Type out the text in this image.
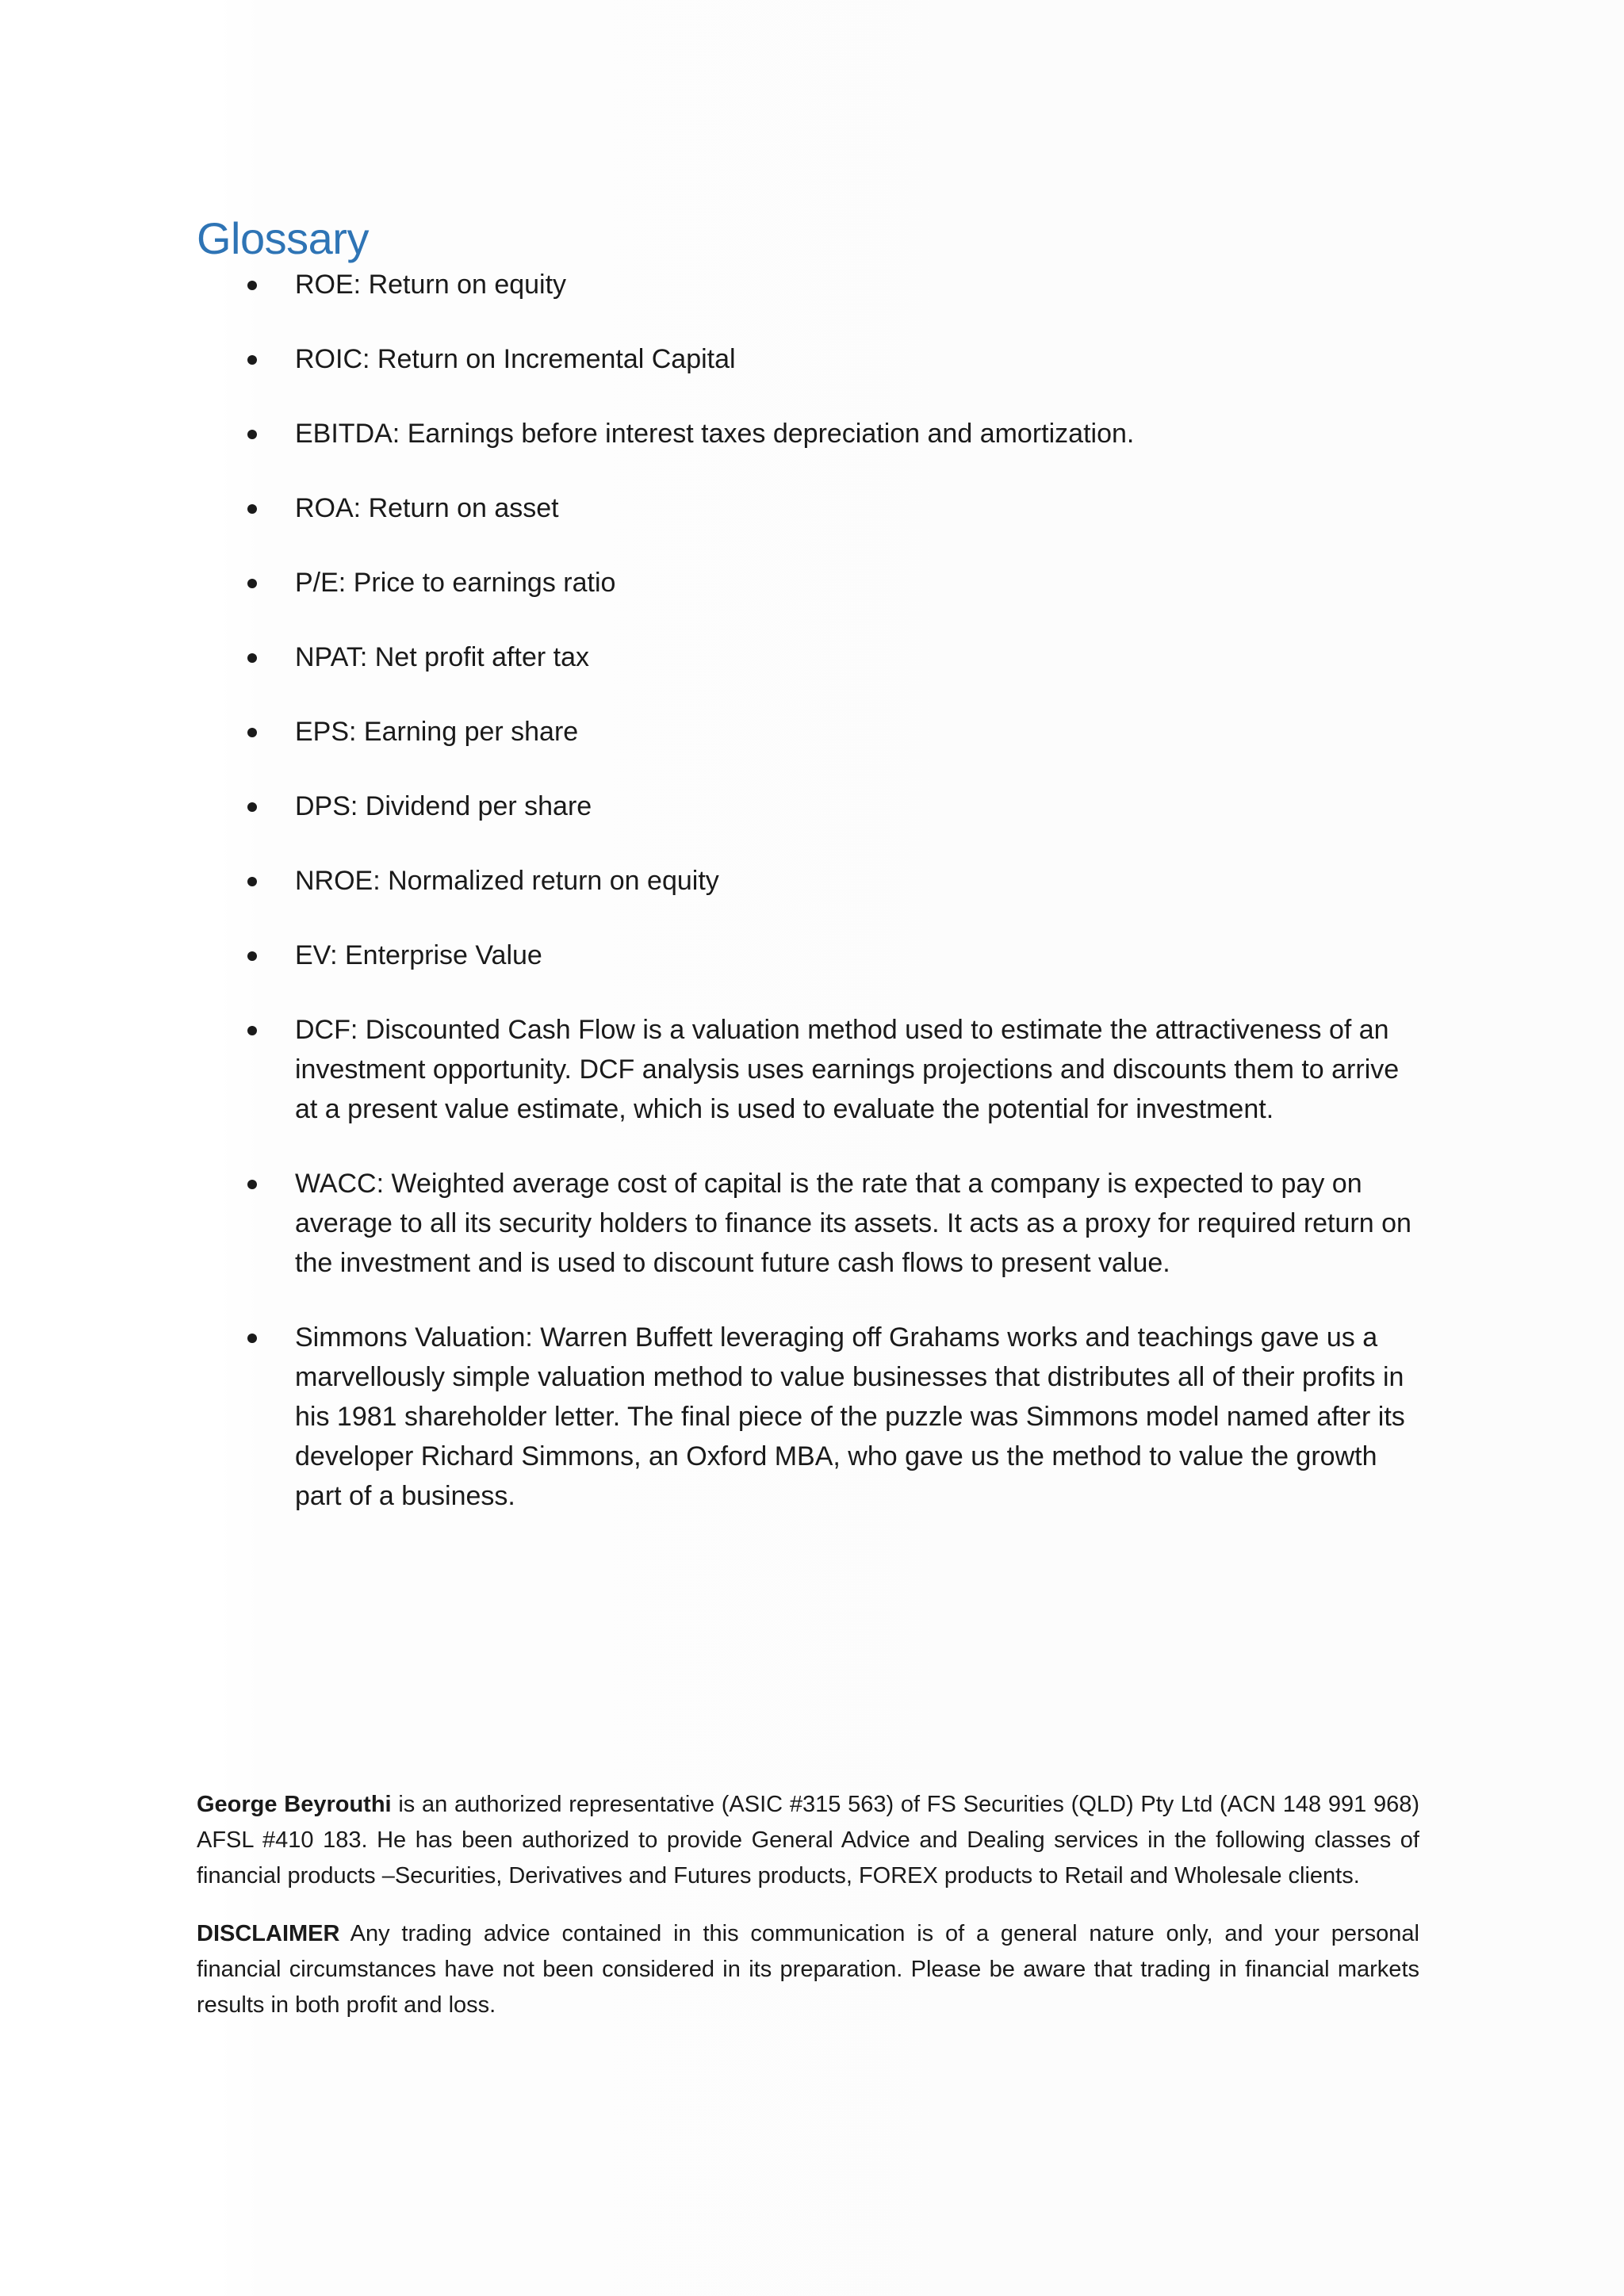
Glossary
ROE: Return on equity
ROIC: Return on Incremental Capital
EBITDA: Earnings before interest taxes depreciation and amortization.
ROA: Return on asset
P/E: Price to earnings ratio
NPAT: Net profit after tax
EPS: Earning per share
DPS: Dividend per share
NROE: Normalized return on equity
EV: Enterprise Value
DCF: Discounted Cash Flow is a valuation method used to estimate the attractiveness of an investment opportunity. DCF analysis uses earnings projections and discounts them to arrive at a present value estimate, which is used to evaluate the potential for investment.
WACC: Weighted average cost of capital is the rate that a company is expected to pay on average to all its security holders to finance its assets. It acts as a proxy for required return on the investment and is used to discount future cash flows to present value.
Simmons Valuation: Warren Buffett leveraging off Grahams works and teachings gave us a marvellously simple valuation method to value businesses that distributes all of their profits in his 1981 shareholder letter. The final piece of the puzzle was Simmons model named after its developer Richard Simmons, an Oxford MBA, who gave us the method to value the growth part of a business.

George Beyrouthi is an authorized representative (ASIC #315 563) of FS Securities (QLD) Pty Ltd (ACN 148 991 968) AFSL #410 183. He has been authorized to provide General Advice and Dealing services in the following classes of financial products –Securities, Derivatives and Futures products, FOREX products to Retail and Wholesale clients.

DISCLAIMER Any trading advice contained in this communication is of a general nature only, and your personal financial circumstances have not been considered in its preparation. Please be aware that trading in financial markets results in both profit and loss.
